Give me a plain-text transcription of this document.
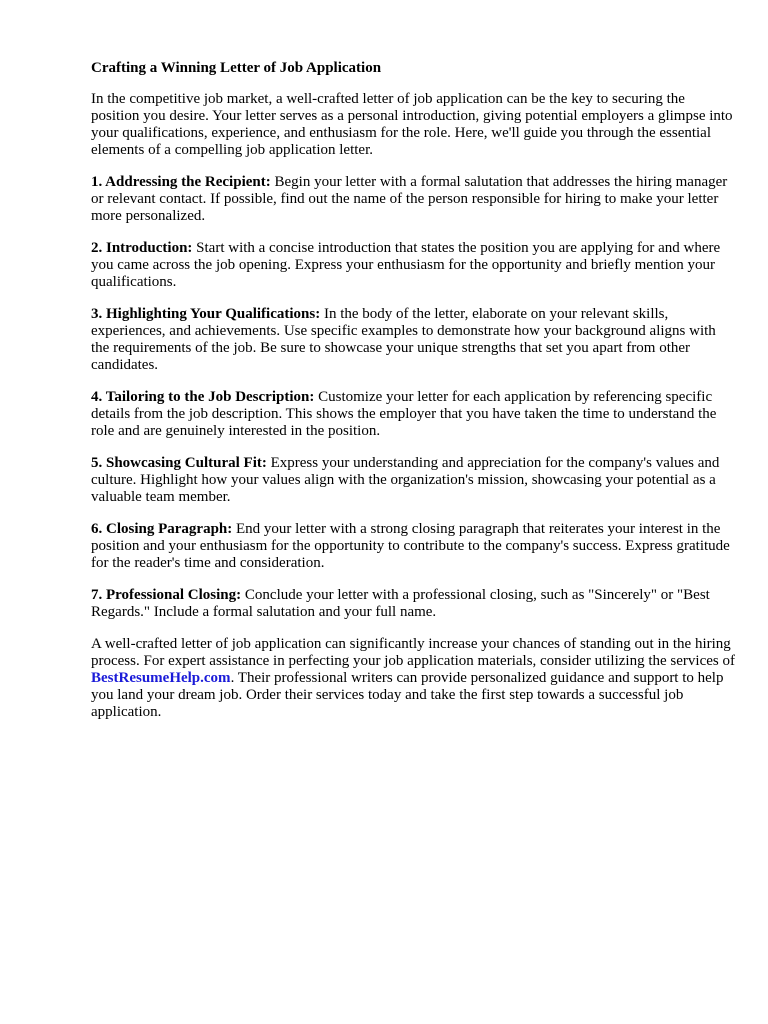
Crafting a Winning Letter of Job Application

In the competitive job market, a well-crafted letter of job application can be the key to securing the position you desire. Your letter serves as a personal introduction, giving potential employers a glimpse into your qualifications, experience, and enthusiasm for the role. Here, we'll guide you through the essential elements of a compelling job application letter.

1. Addressing the Recipient: Begin your letter with a formal salutation that addresses the hiring manager or relevant contact. If possible, find out the name of the person responsible for hiring to make your letter more personalized.

2. Introduction: Start with a concise introduction that states the position you are applying for and where you came across the job opening. Express your enthusiasm for the opportunity and briefly mention your qualifications.

3. Highlighting Your Qualifications: In the body of the letter, elaborate on your relevant skills, experiences, and achievements. Use specific examples to demonstrate how your background aligns with the requirements of the job. Be sure to showcase your unique strengths that set you apart from other candidates.

4. Tailoring to the Job Description: Customize your letter for each application by referencing specific details from the job description. This shows the employer that you have taken the time to understand the role and are genuinely interested in the position.

5. Showcasing Cultural Fit: Express your understanding and appreciation for the company's values and culture. Highlight how your values align with the organization's mission, showcasing your potential as a valuable team member.

6. Closing Paragraph: End your letter with a strong closing paragraph that reiterates your interest in the position and your enthusiasm for the opportunity to contribute to the company's success. Express gratitude for the reader's time and consideration.

7. Professional Closing: Conclude your letter with a professional closing, such as "Sincerely" or "Best Regards." Include a formal salutation and your full name.

A well-crafted letter of job application can significantly increase your chances of standing out in the hiring process. For expert assistance in perfecting your job application materials, consider utilizing the services of BestResumeHelp.com. Their professional writers can provide personalized guidance and support to help you land your dream job. Order their services today and take the first step towards a successful job application.
